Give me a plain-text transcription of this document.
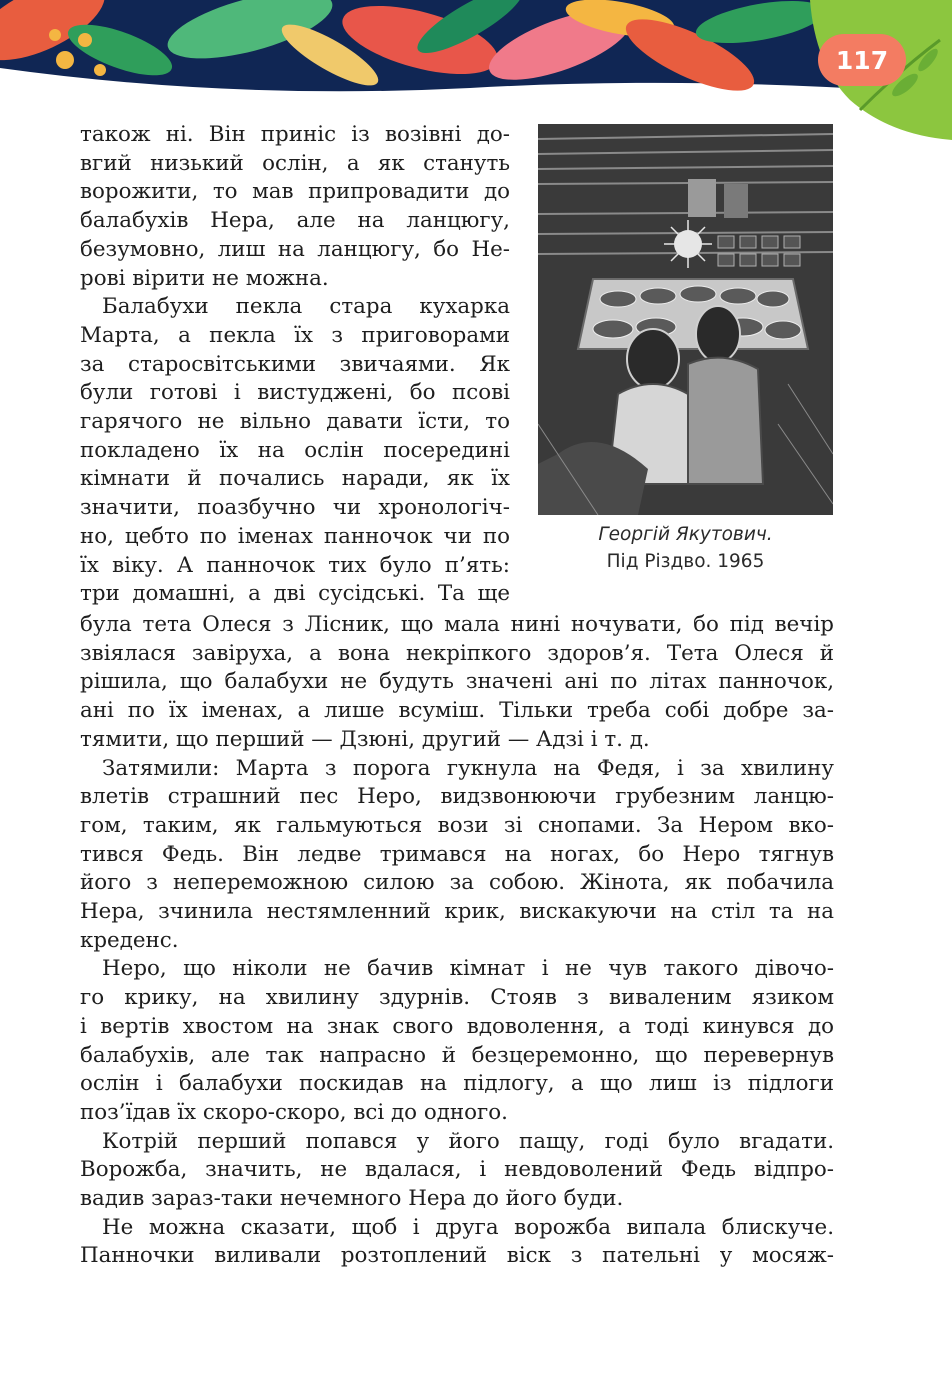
117

також ні. Він приніс із возівні до-
вгий низький ослін, а як стануть
ворожити, то мав припровадити до
балабухів Нера, але на ланцюгу,
безумовно, лиш на ланцюгу, бо Не-
рові вірити не можна.

Балабухи пекла стара кухарка
Марта, а пекла їх з приговорами
за старосвітськими звичаями. Як
були готові і вистуджені, бо псові
гарячого не вільно давати їсти, то
покладено їх на ослін посередині
кімнати й почались наради, як їх
значити, поазбучно чи хронологіч-
но, цебто по іменах панночок чи по
їх віку. А панночок тих було п’ять:
три домашні, а дві сусідські. Та ще

Георгій Якутович.
Під Різдво. 1965

була тета Олеся з Лісник, що мала нині ночувати, бо під вечір
звіялася завіруха, а вона некріпкого здоров’я. Тета Олеся й
рішила, що балабухи не будуть значені ані по літах панночок,
ані по їх іменах, а лише всуміш. Тільки треба собі добре за-
тямити, що перший — Дзюні, другий — Адзі і т. д.

Затямили: Марта з порога гукнула на Федя, і за хвилину
влетів страшний пес Неро, видзвонюючи грубезним ланцю-
гом, таким, як гальмуються вози зі снопами. За Нером вко-
тився Федь. Він ледве тримався на ногах, бо Неро тягнув
його з непереможною силою за собою. Жінота, як побачила
Нера, зчинила нестямленний крик, вискакуючи на стіл та на
креденс.

Неро, що ніколи не бачив кімнат і не чув такого дівочо-
го крику, на хвилину здурнів. Стояв з виваленим язиком
і вертів хвостом на знак свого вдоволення, а тоді кинувся до
балабухів, але так напрасно й безцеремонно, що перевернув
ослін і балабухи поскидав на підлогу, а що лиш із підлоги
поз’їдав їх скоро-скоро, всі до одного.

Котрій перший попався у його пащу, годі було вгадати.
Ворожба, значить, не вдалася, і невдоволений Федь відпро-
вадив зараз-таки нечемного Нера до його буди.

Не можна сказати, щоб і друга ворожба випала блискуче.
Панночки виливали розтоплений віск з пательні у мосяж-
